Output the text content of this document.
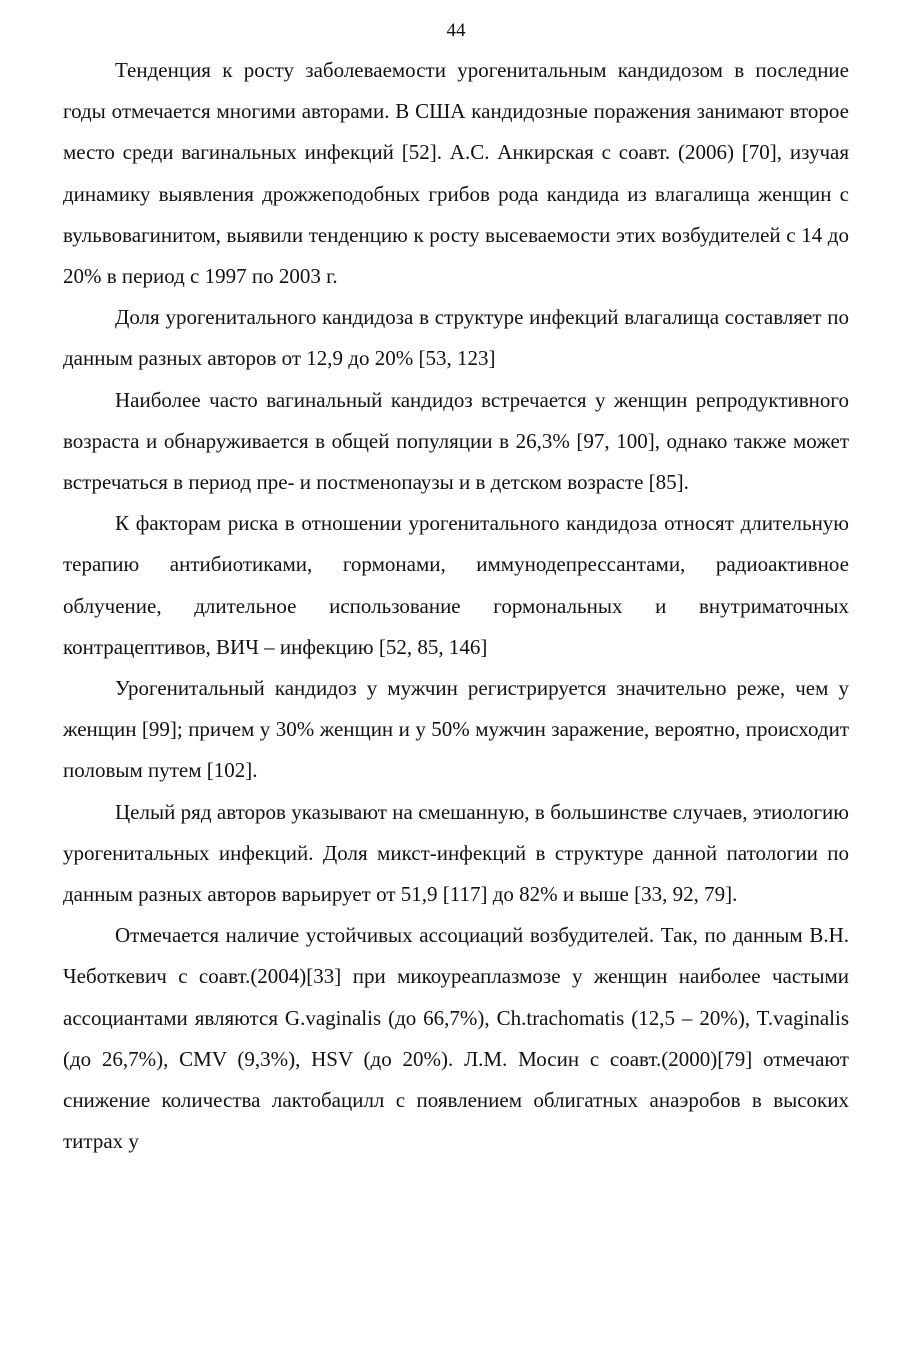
44

Тенденция к росту заболеваемости урогенитальным кандидозом в последние годы отмечается многими авторами. В США кандидозные поражения занимают второе место среди вагинальных инфекций [52]. А.С. Анкирская с соавт. (2006) [70], изучая динамику выявления дрожжеподобных грибов рода кандида из влагалища женщин с вульвовагинитом, выявили тенденцию к росту высеваемости этих возбудителей с 14 до 20% в период с 1997 по 2003 г.

Доля урогенитального кандидоза в структуре инфекций влагалища составляет по данным разных авторов от 12,9 до 20% [53, 123]

Наиболее часто вагинальный кандидоз встречается у женщин репродуктивного возраста и обнаруживается в общей популяции в 26,3% [97, 100], однако также может встречаться в период пре- и постменопаузы и в детском возрасте [85].

К факторам риска в отношении урогенитального кандидоза относят длительную терапию антибиотиками, гормонами, иммунодепрессантами, радиоактивное облучение, длительное использование гормональных и внутриматочных контрацептивов, ВИЧ – инфекцию [52, 85, 146]

Урогенитальный кандидоз у мужчин регистрируется значительно реже, чем у женщин [99]; причем у 30% женщин и у 50% мужчин заражение, вероятно, происходит половым путем [102].

Целый ряд авторов указывают на смешанную, в большинстве случаев, этиологию урогенитальных инфекций. Доля микст-инфекций в структуре данной патологии по данным разных авторов варьирует от 51,9 [117] до 82% и выше [33, 92, 79].

Отмечается наличие устойчивых ассоциаций возбудителей. Так, по данным В.Н. Чеботкевич с соавт.(2004)[33] при микоуреаплазмозе у женщин наиболее частыми ассоциантами являются G.vaginalis (до 66,7%), Ch.trachomatis (12,5 – 20%), T.vaginalis (до 26,7%), CMV (9,3%), HSV (до 20%). Л.М. Мосин с соавт.(2000)[79] отмечают снижение количества лактобацилл с появлением облигатных анаэробов в высоких титрах у
